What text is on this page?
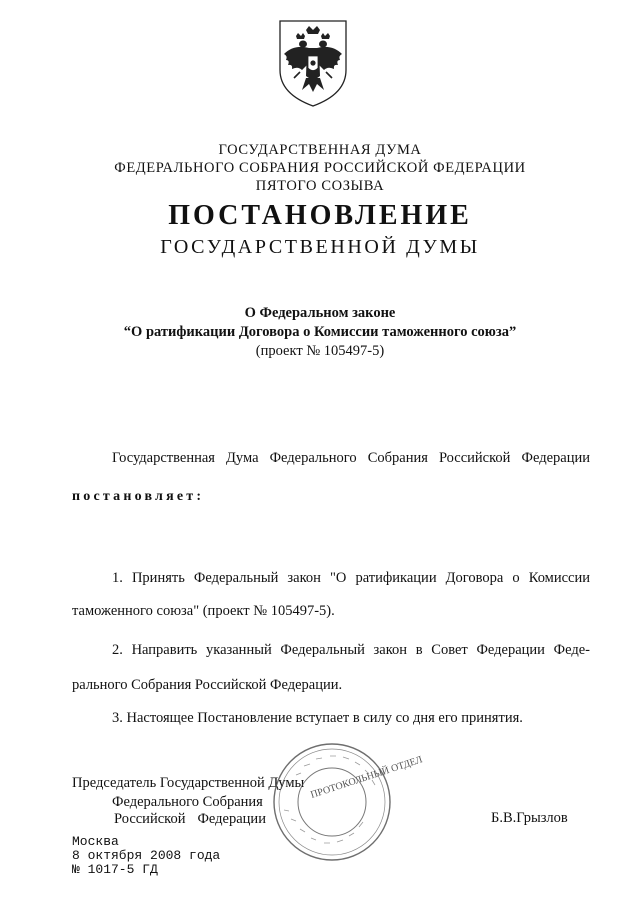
ГОСУДАРСТВЕННАЯ ДУМА
ФЕДЕРАЛЬНОГО СОБРАНИЯ РОССИЙСКОЙ ФЕДЕРАЦИИ
ПЯТОГО СОЗЫВА
ПОСТАНОВЛЕНИЕ
ГОСУДАРСТВЕННОЙ ДУМЫ
О Федеральном законе
“О ратификации Договора о Комиссии таможенного союза”
(проект № 105497-5)
Государственная Дума Федерального Собрания Российской Федерации
постановляет:
1. Принять Федеральный закон "О ратификации Договора о Комиссии
таможенного союза" (проект № 105497-5).
2. Направить указанный Федеральный закон в Совет Федерации Феде-
рального Собрания Российской Федерации.
3. Настоящее Постановление вступает в силу со дня его принятия.
Председатель Государственной Думы
Федерального Собрания
Российской Федерации	Б.В.Грызлов
ПРОТОКОЛЬНЫЙ ОТДЕЛ
Москва
8 октября 2008 года
№ 1017-5 ГД
